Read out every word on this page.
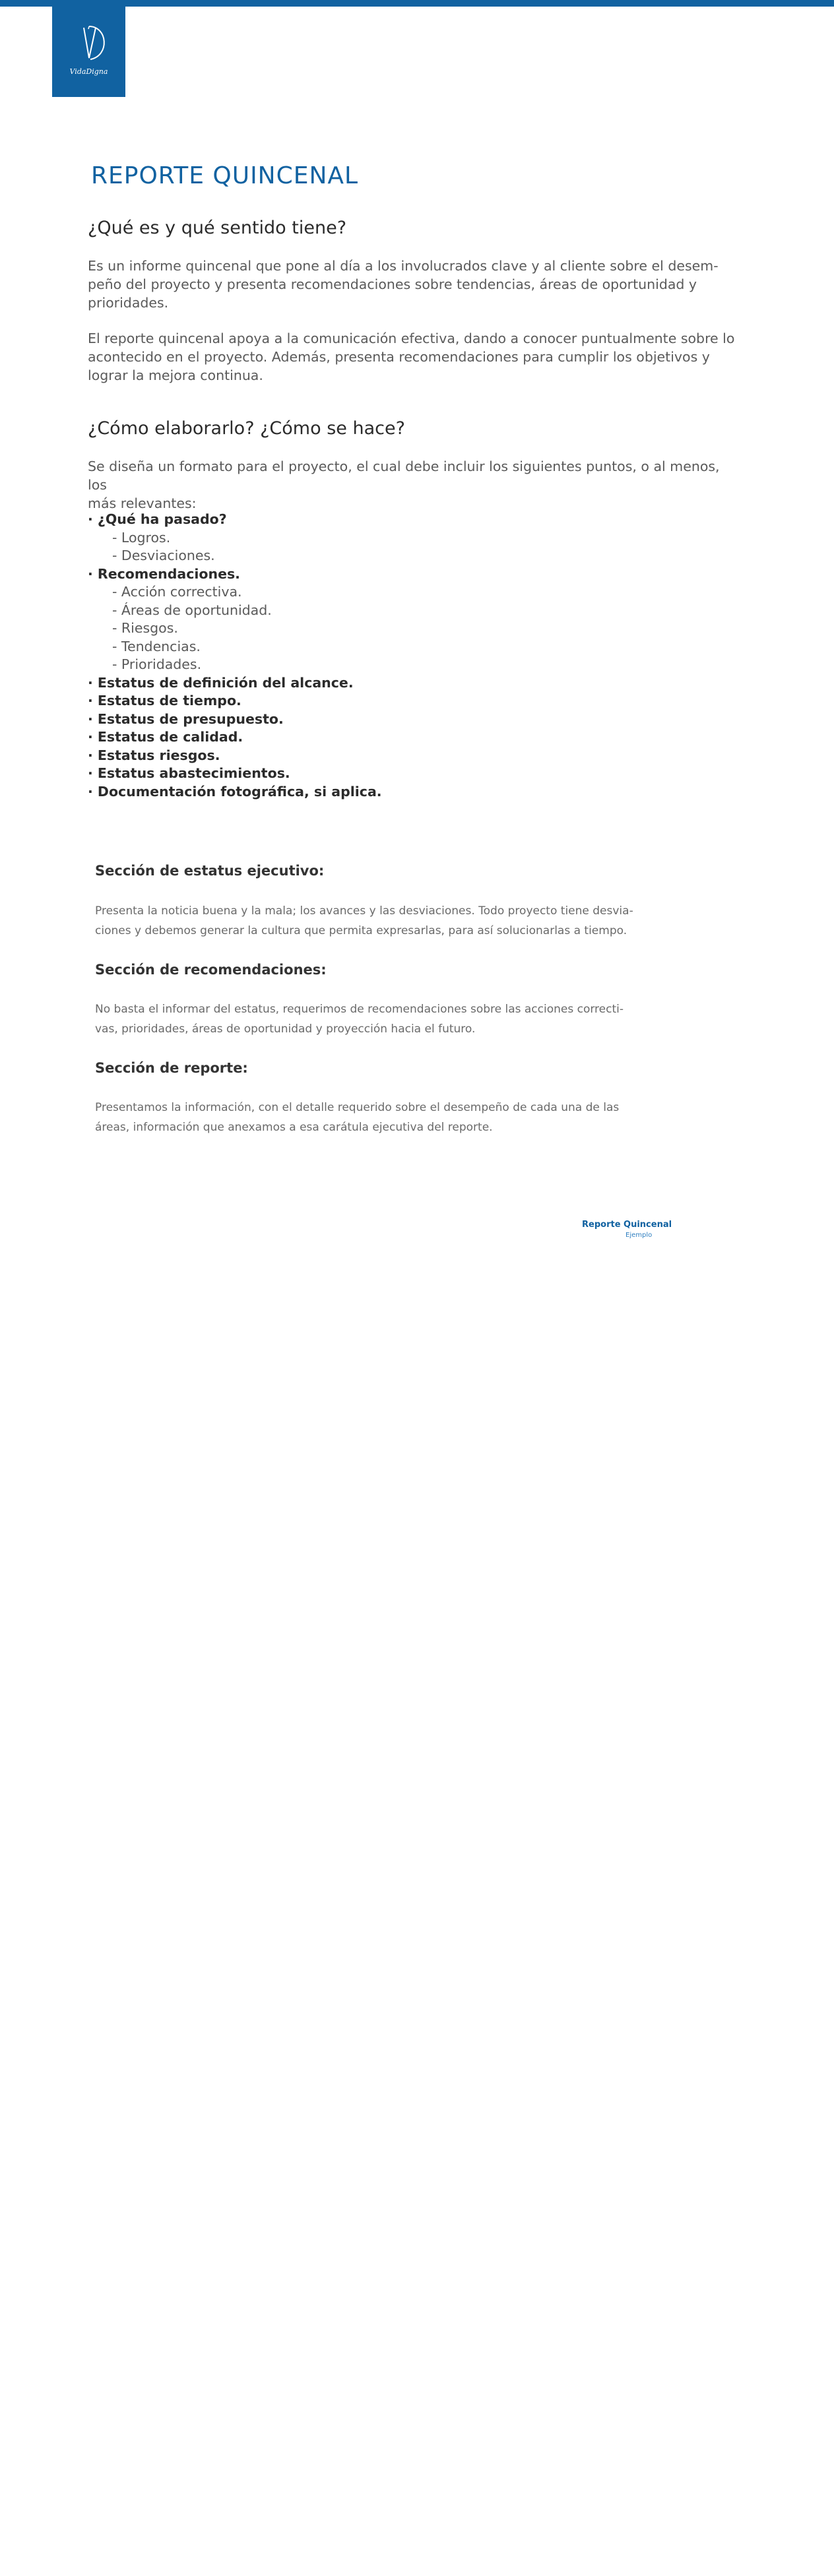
VidaDigna
REPORTE QUINCENAL
¿Qué es y qué sentido tiene?

Es un informe quincenal que pone al día a los involucrados clave y al cliente sobre el desem-
peño del proyecto y presenta recomendaciones sobre tendencias, áreas de oportunidad y
prioridades.

El reporte quincenal apoya a la comunicación efectiva, dando a conocer puntualmente sobre lo
acontecido en el proyecto. Además, presenta recomendaciones para cumplir los objetivos y
lograr la mejora continua.

¿Cómo elaborarlo? ¿Cómo se hace?

Se diseña un formato para el proyecto, el cual debe incluir los siguientes puntos, o al menos, los
más relevantes:

· ¿Qué ha pasado?
- Logros.
- Desviaciones.
· Recomendaciones.
- Acción correctiva.
- Áreas de oportunidad.
- Riesgos.
- Tendencias.
- Prioridades.
· Estatus de definición del alcance.
· Estatus de tiempo.
· Estatus de presupuesto.
· Estatus de calidad.
· Estatus riesgos.
· Estatus abastecimientos.
· Documentación fotográfica, si aplica.
Sección de estatus ejecutivo:

Presenta la noticia buena y la mala; los avances y las desviaciones. Todo proyecto tiene desvia-
ciones y debemos generar la cultura que permita expresarlas, para así solucionarlas a tiempo.

Sección de recomendaciones:

No basta el informar del estatus, requerimos de recomendaciones sobre las acciones correcti-
vas, prioridades, áreas de oportunidad y proyección hacia el futuro.

Sección de reporte:

Presentamos la información, con el detalle requerido sobre el desempeño de cada una de las
áreas, información que anexamos a esa carátula ejecutiva del reporte.

Reporte Quincenal
Ejemplo
